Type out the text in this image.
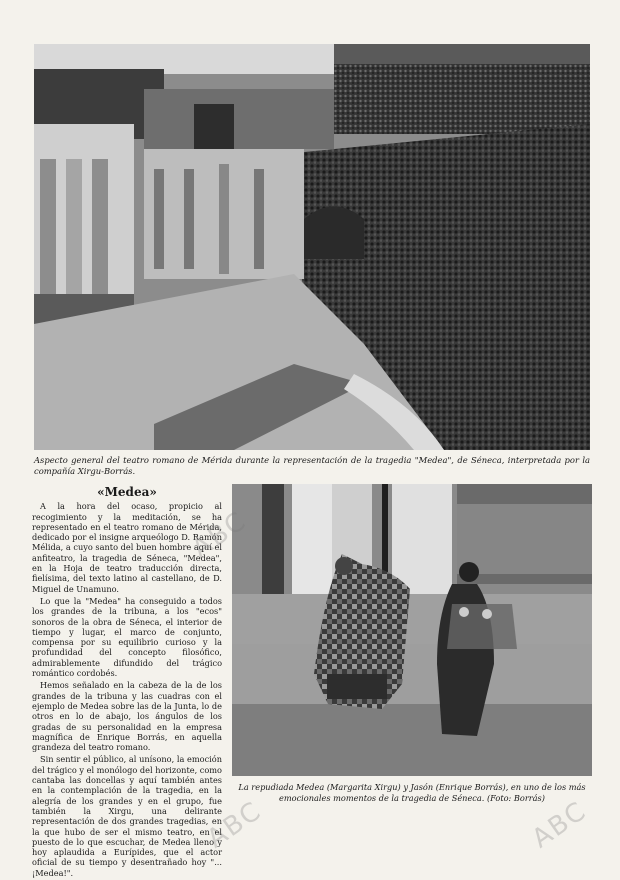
Aspecto general del teatro romano de Mérida durante la representación de la tragedia "Medea", de Séneca, interpretada por la compañía Xirgu-Borrás.
«Medea»

A la hora del ocaso, propicio al recogimiento y la meditación, se ha representado en el teatro romano de Mérida, dedicado por el insigne arqueólogo D. Ramón Mélida, a cuyo santo del buen hombre aquí el anfiteatro, la tragedia de Séneca, "Medea", en la Hoja de teatro traducción directa, fielísima, del texto latino al castellano, de D. Miguel de Unamuno.

Lo que la "Medea" ha conseguido a todos los grandes de la tribuna, a los "ecos" sonoros de la obra de Séneca, el interior de tiempo y lugar, el marco de conjunto, compensa por su equilibrio curioso y la profundidad del concepto filosófico, admirablemente difundido del trágico romántico cordobés.

Hemos señalado en la cabeza de la de los grandes de la tribuna y las cuadras con el ejemplo de Medea sobre las de la Junta, lo de otros en lo de abajo, los ángulos de los gradas de su personalidad en la empresa magnífica de Enrique Borrás, en aquella grandeza del teatro romano.

Sin sentir el público, al unísono, la emoción del trágico y el monólogo del horizonte, como cantaba las doncellas y aquí también antes en la contemplación de la tragedia, en la alegría de los grandes y en el grupo, fue también la Xirgu, una delirante representación de dos grandes tragedias, en la que hubo de ser el mismo teatro, en el puesto de lo que escuchar, de Medea lleno y hoy aplaudida a Eurípides, que el actor oficial de su tiempo y desentrañado hoy "... ¡Medea!".

La repudiada Medea (Margarita Xirgu) y Jasón (Enrique Borrás), en uno de los más emocionales momentos de la tragedia de Séneca. (Foto: Borrás)
ABC
ABC	ABC
